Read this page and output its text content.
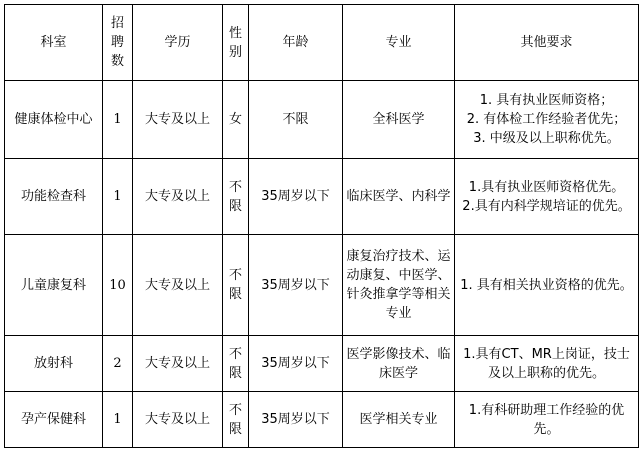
科室	招聘数	学历	性别	年龄	专业	其他要求
健康体检中心	1	大专及以上	女	不限	全科医学	1. 具有执业医师资格；
2. 有体检工作经验者优先；
3. 中级及以上职称优先。

功能检查科	1	大专及以上	不限	35周岁以下	临床医学、内科学	1.具有执业医师资格优先。
2.具有内科学规培证的优先。

儿童康复科	10	大专及以上	不限	35周岁以下	康复治疗技术、运动康复、中医学、针灸推拿学等相关专业	1. 具有相关执业资格的优先。

放射科	2	大专及以上	不限	35周岁以下	医学影像技术、临床医学	1.具有CT、MR上岗证，技士及以上职称的优先。

孕产保健科	1	大专及以上	不限	35周岁以下	医学相关专业	1.有科研助理工作经验的优先。
